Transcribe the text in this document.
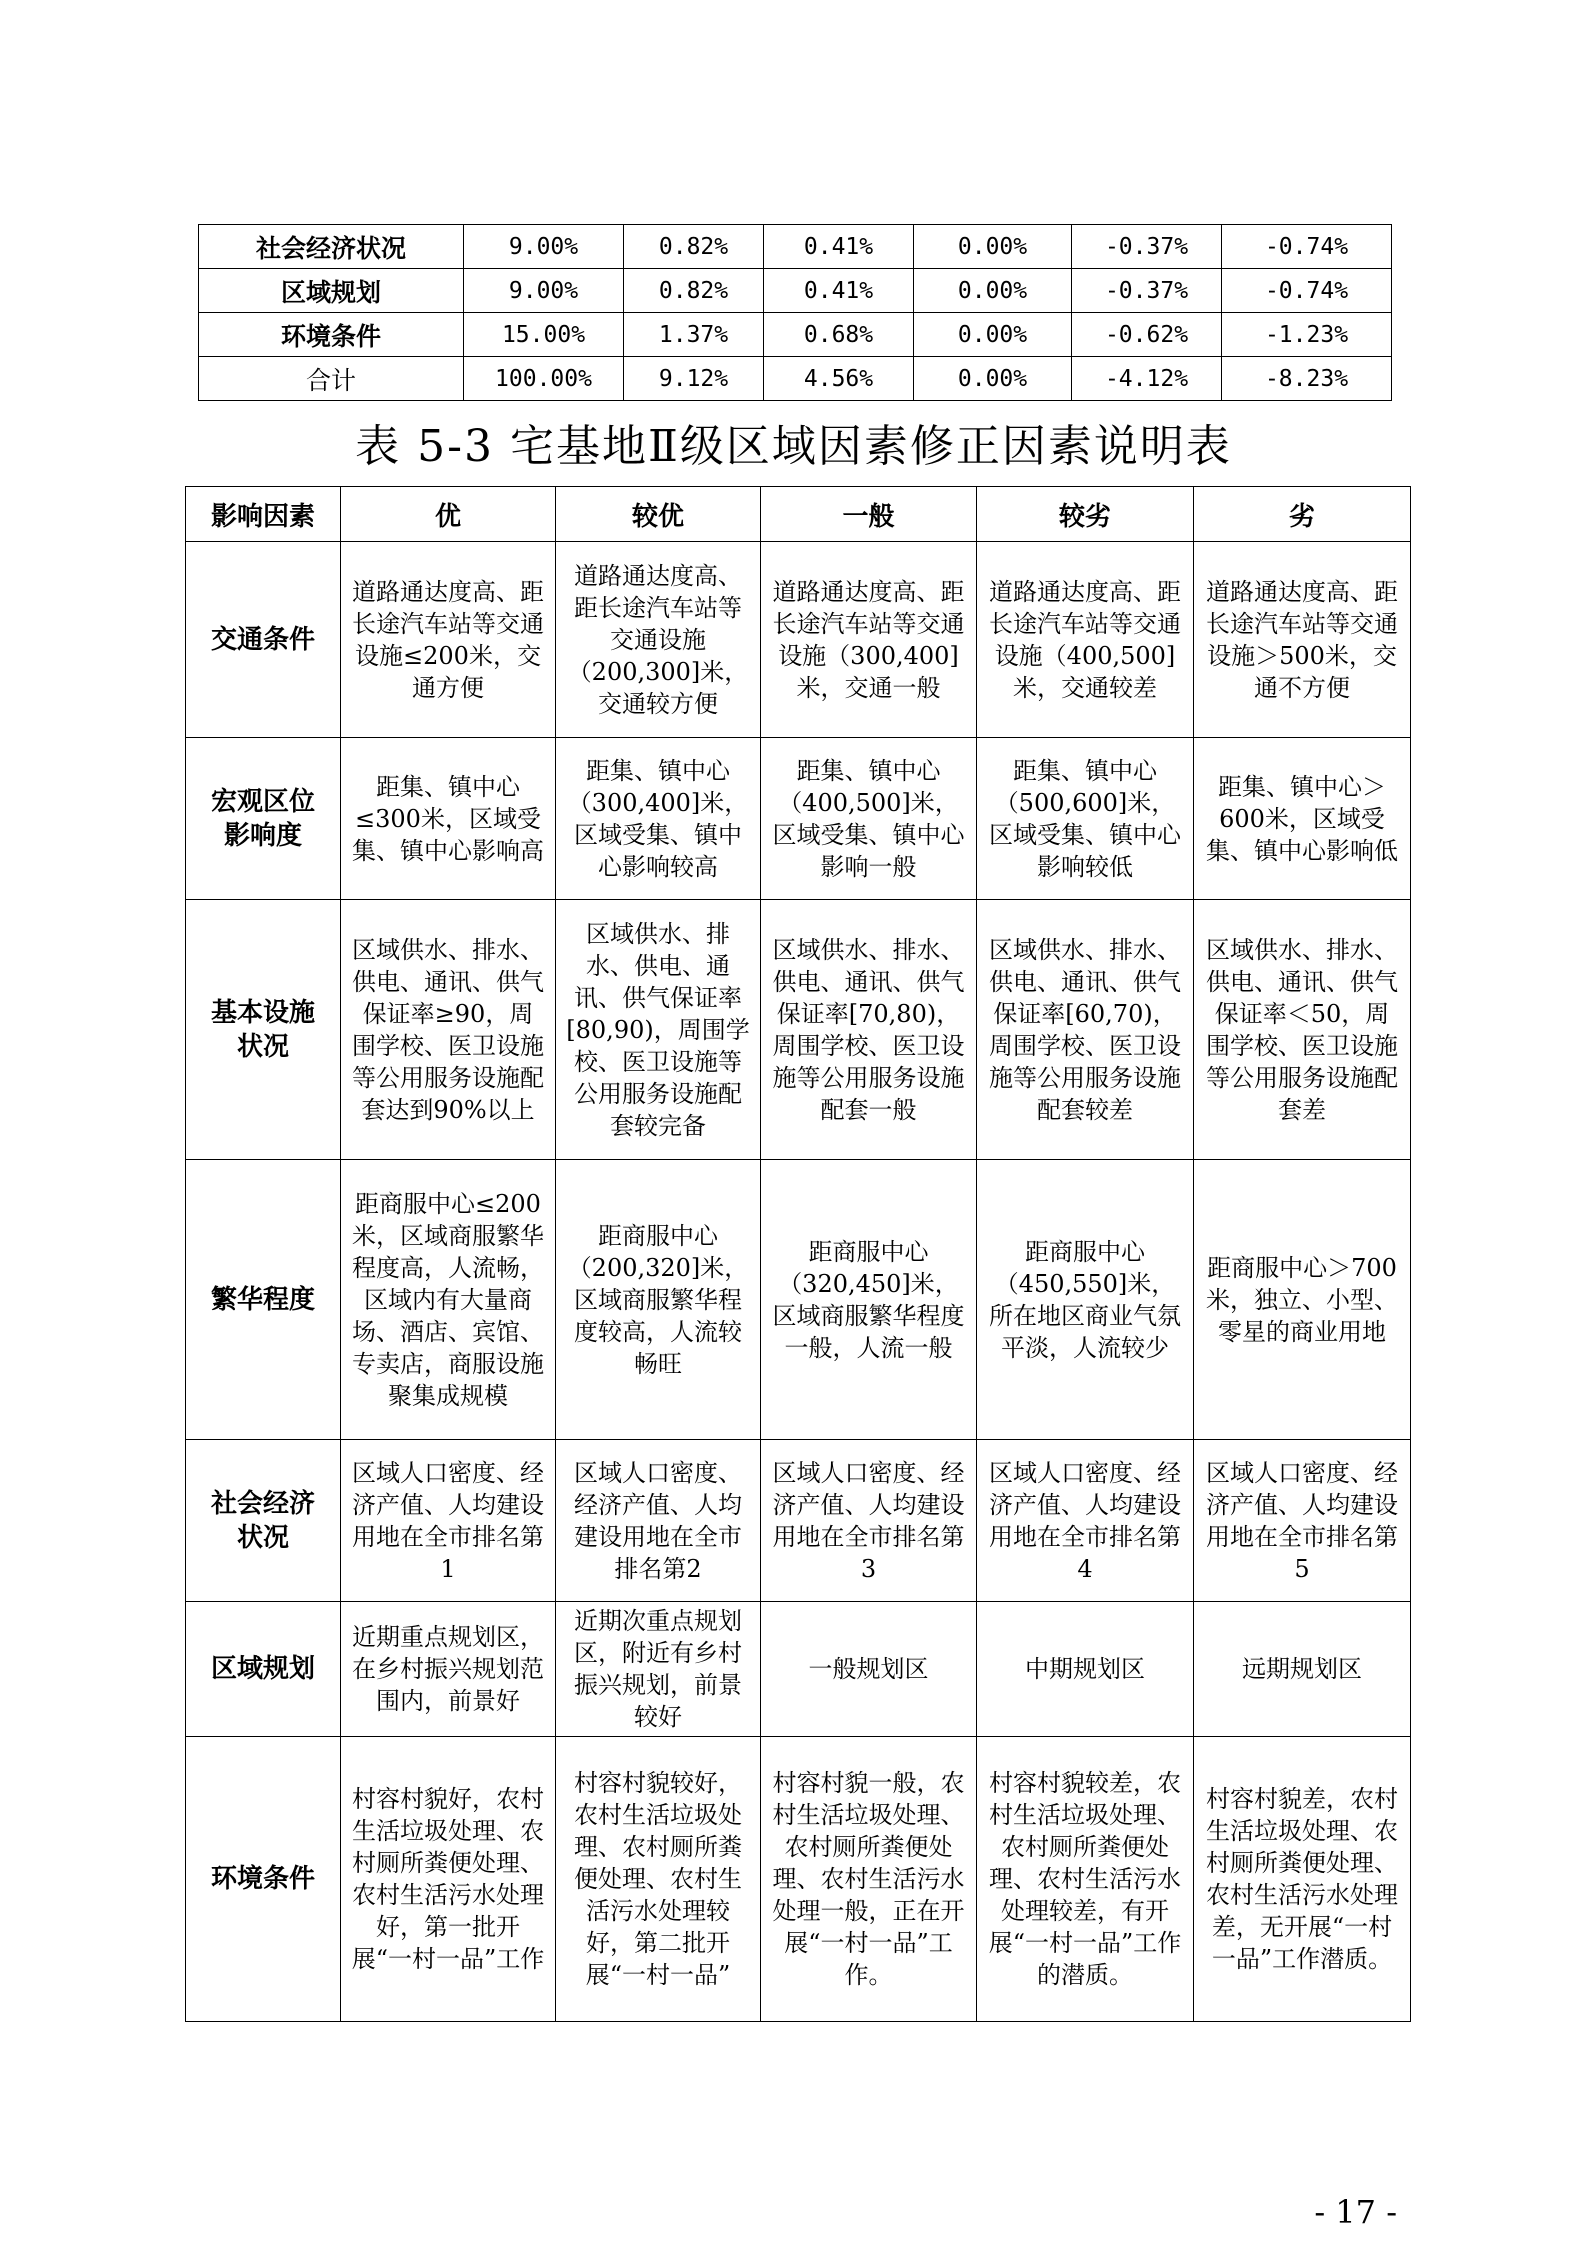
社会经济状况	9.00%	0.82%	0.41%	0.00%	-0.37%	-0.74%
区域规划	9.00%	0.82%	0.41%	0.00%	-0.37%	-0.74%
环境条件	15.00%	1.37%	0.68%	0.00%	-0.62%	-1.23%
合计	100.00%	9.12%	4.56%	0.00%	-4.12%	-8.23%
表 5-3 宅基地Ⅱ级区域因素修正因素说明表
影响因素	优	较优	一般	较劣	劣
交通条件	道路通达度高、距长途汽车站等交通设施≤200米，交通方便	道路通达度高、距长途汽车站等交通设施（200,300]米，交通较方便	道路通达度高、距长途汽车站等交通设施（300,400]米，交通一般	道路通达度高、距长途汽车站等交通设施（400,500]米，交通较差	道路通达度高、距长途汽车站等交通设施＞500米，交通不方便
宏观区位影响度	距集、镇中心≤300米，区域受集、镇中心影响高	距集、镇中心（300,400]米，区域受集、镇中心影响较高	距集、镇中心（400,500]米，区域受集、镇中心影响一般	距集、镇中心（500,600]米，区域受集、镇中心影响较低	距集、镇中心＞600米，区域受集、镇中心影响低
基本设施状况	区域供水、排水、供电、通讯、供气保证率≥90，周围学校、医卫设施等公用服务设施配套达到90%以上	区域供水、排水、供电、通讯、供气保证率[80,90)，周围学校、医卫设施等公用服务设施配套较完备	区域供水、排水、供电、通讯、供气保证率[70,80)，周围学校、医卫设施等公用服务设施配套一般	区域供水、排水、供电、通讯、供气保证率[60,70)，周围学校、医卫设施等公用服务设施配套较差	区域供水、排水、供电、通讯、供气保证率＜50，周围学校、医卫设施等公用服务设施配套差
繁华程度	距商服中心≤200米，区域商服繁华 程度高，人流畅，区域内有大量商场、酒店、宾馆、专卖店，商服设施聚集成规模	距商服中心（200,320]米，区域商服繁华程度较高，人流较畅旺	距商服中心（320,450]米，区域商服繁华程度一般，人流一般	距商服中心（450,550]米，所在地区商业气氛平淡，人流较少	距商服中心＞700米，独立、小型、零星的商业用地
社会经济状况	区域人口密度、经济产值、人均建设用地在全市排名第1	区域人口密度、经济产值、人均建设用地在全市排名第2	区域人口密度、经济产值、人均建设用地在全市排名第3	区域人口密度、经济产值、人均建设用地在全市排名第4	区域人口密度、经济产值、人均建设用地在全市排名第5
区域规划	近期重点规划区，在乡村振兴规划范围内，前景好	近期次重点规划区，附近有乡村振兴规划，前景较好	一般规划区	中期规划区	远期规划区
环境条件	村容村貌好，农村生活垃圾处理、农村厕所粪便处理、农村生活污水处理好，第一批开展“一村一品”工作	村容村貌较好，农村生活垃圾处理、农村厕所粪便处理、农村生活污水处理较好，第二批开展“一村一品”	村容村貌一般，农村生活垃圾处理、农村厕所粪便处理、农村生活污水处理一般，正在开展“一村一品”工作。	村容村貌较差，农村生活垃圾处理、农村厕所粪便处理、农村生活污水处理较差，有开展“一村一品”工作的潜质。	村容村貌差，农村生活垃圾处理、农村厕所粪便处理、农村生活污水处理差，无开展“一村一品”工作潜质。
- 17 -
